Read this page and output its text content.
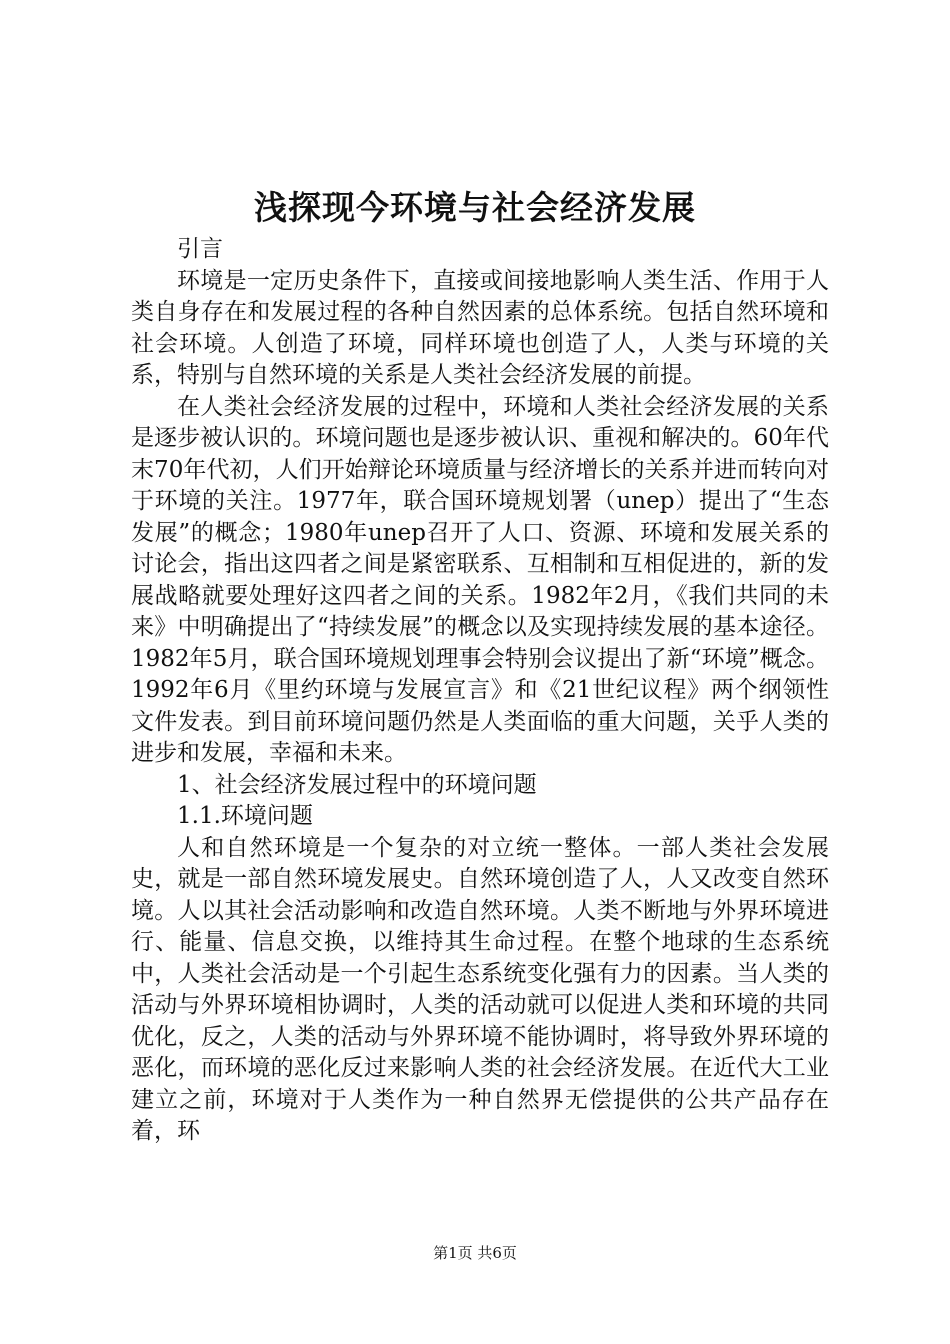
浅探现今环境与社会经济发展

引言

环境是一定历史条件下，直接或间接地影响人类生活、作用于人类自身存在和发展过程的各种自然因素的总体系统。包括自然环境和社会环境。人创造了环境，同样环境也创造了人，人类与环境的关系，特别与自然环境的关系是人类社会经济发展的前提。

在人类社会经济发展的过程中，环境和人类社会经济发展的关系是逐步被认识的。环境问题也是逐步被认识、重视和解决的。60年代末70年代初，人们开始辩论环境质量与经济增长的关系并进而转向对于环境的关注。1977年，联合国环境规划署（unep）提出了“生态发展”的概念；1980年unep召开了人口、资源、环境和发展关系的讨论会，指出这四者之间是紧密联系、互相制和互相促进的，新的发展战略就要处理好这四者之间的关系。1982年2月，《我们共同的未来》中明确提出了“持续发展”的概念以及实现持续发展的基本途径。1982年5月，联合国环境规划理事会特别会议提出了新“环境”概念。1992年6月《里约环境与发展宣言》和《21世纪议程》两个纲领性文件发表。到目前环境问题仍然是人类面临的重大问题，关乎人类的进步和发展，幸福和未来。

1、社会经济发展过程中的环境问题

1.1.环境问题

人和自然环境是一个复杂的对立统一整体。一部人类社会发展史，就是一部自然环境发展史。自然环境创造了人，人又改变自然环境。人以其社会活动影响和改造自然环境。人类不断地与外界环境进行、能量、信息交换，以维持其生命过程。在整个地球的生态系统中，人类社会活动是一个引起生态系统变化强有力的因素。当人类的活动与外界环境相协调时，人类的活动就可以促进人类和环境的共同优化，反之，人类的活动与外界环境不能协调时，将导致外界环境的恶化，而环境的恶化反过来影响人类的社会经济发展。在近代大工业建立之前，环境对于人类作为一种自然界无偿提供的公共产品存在着，环

第1页 共6页
